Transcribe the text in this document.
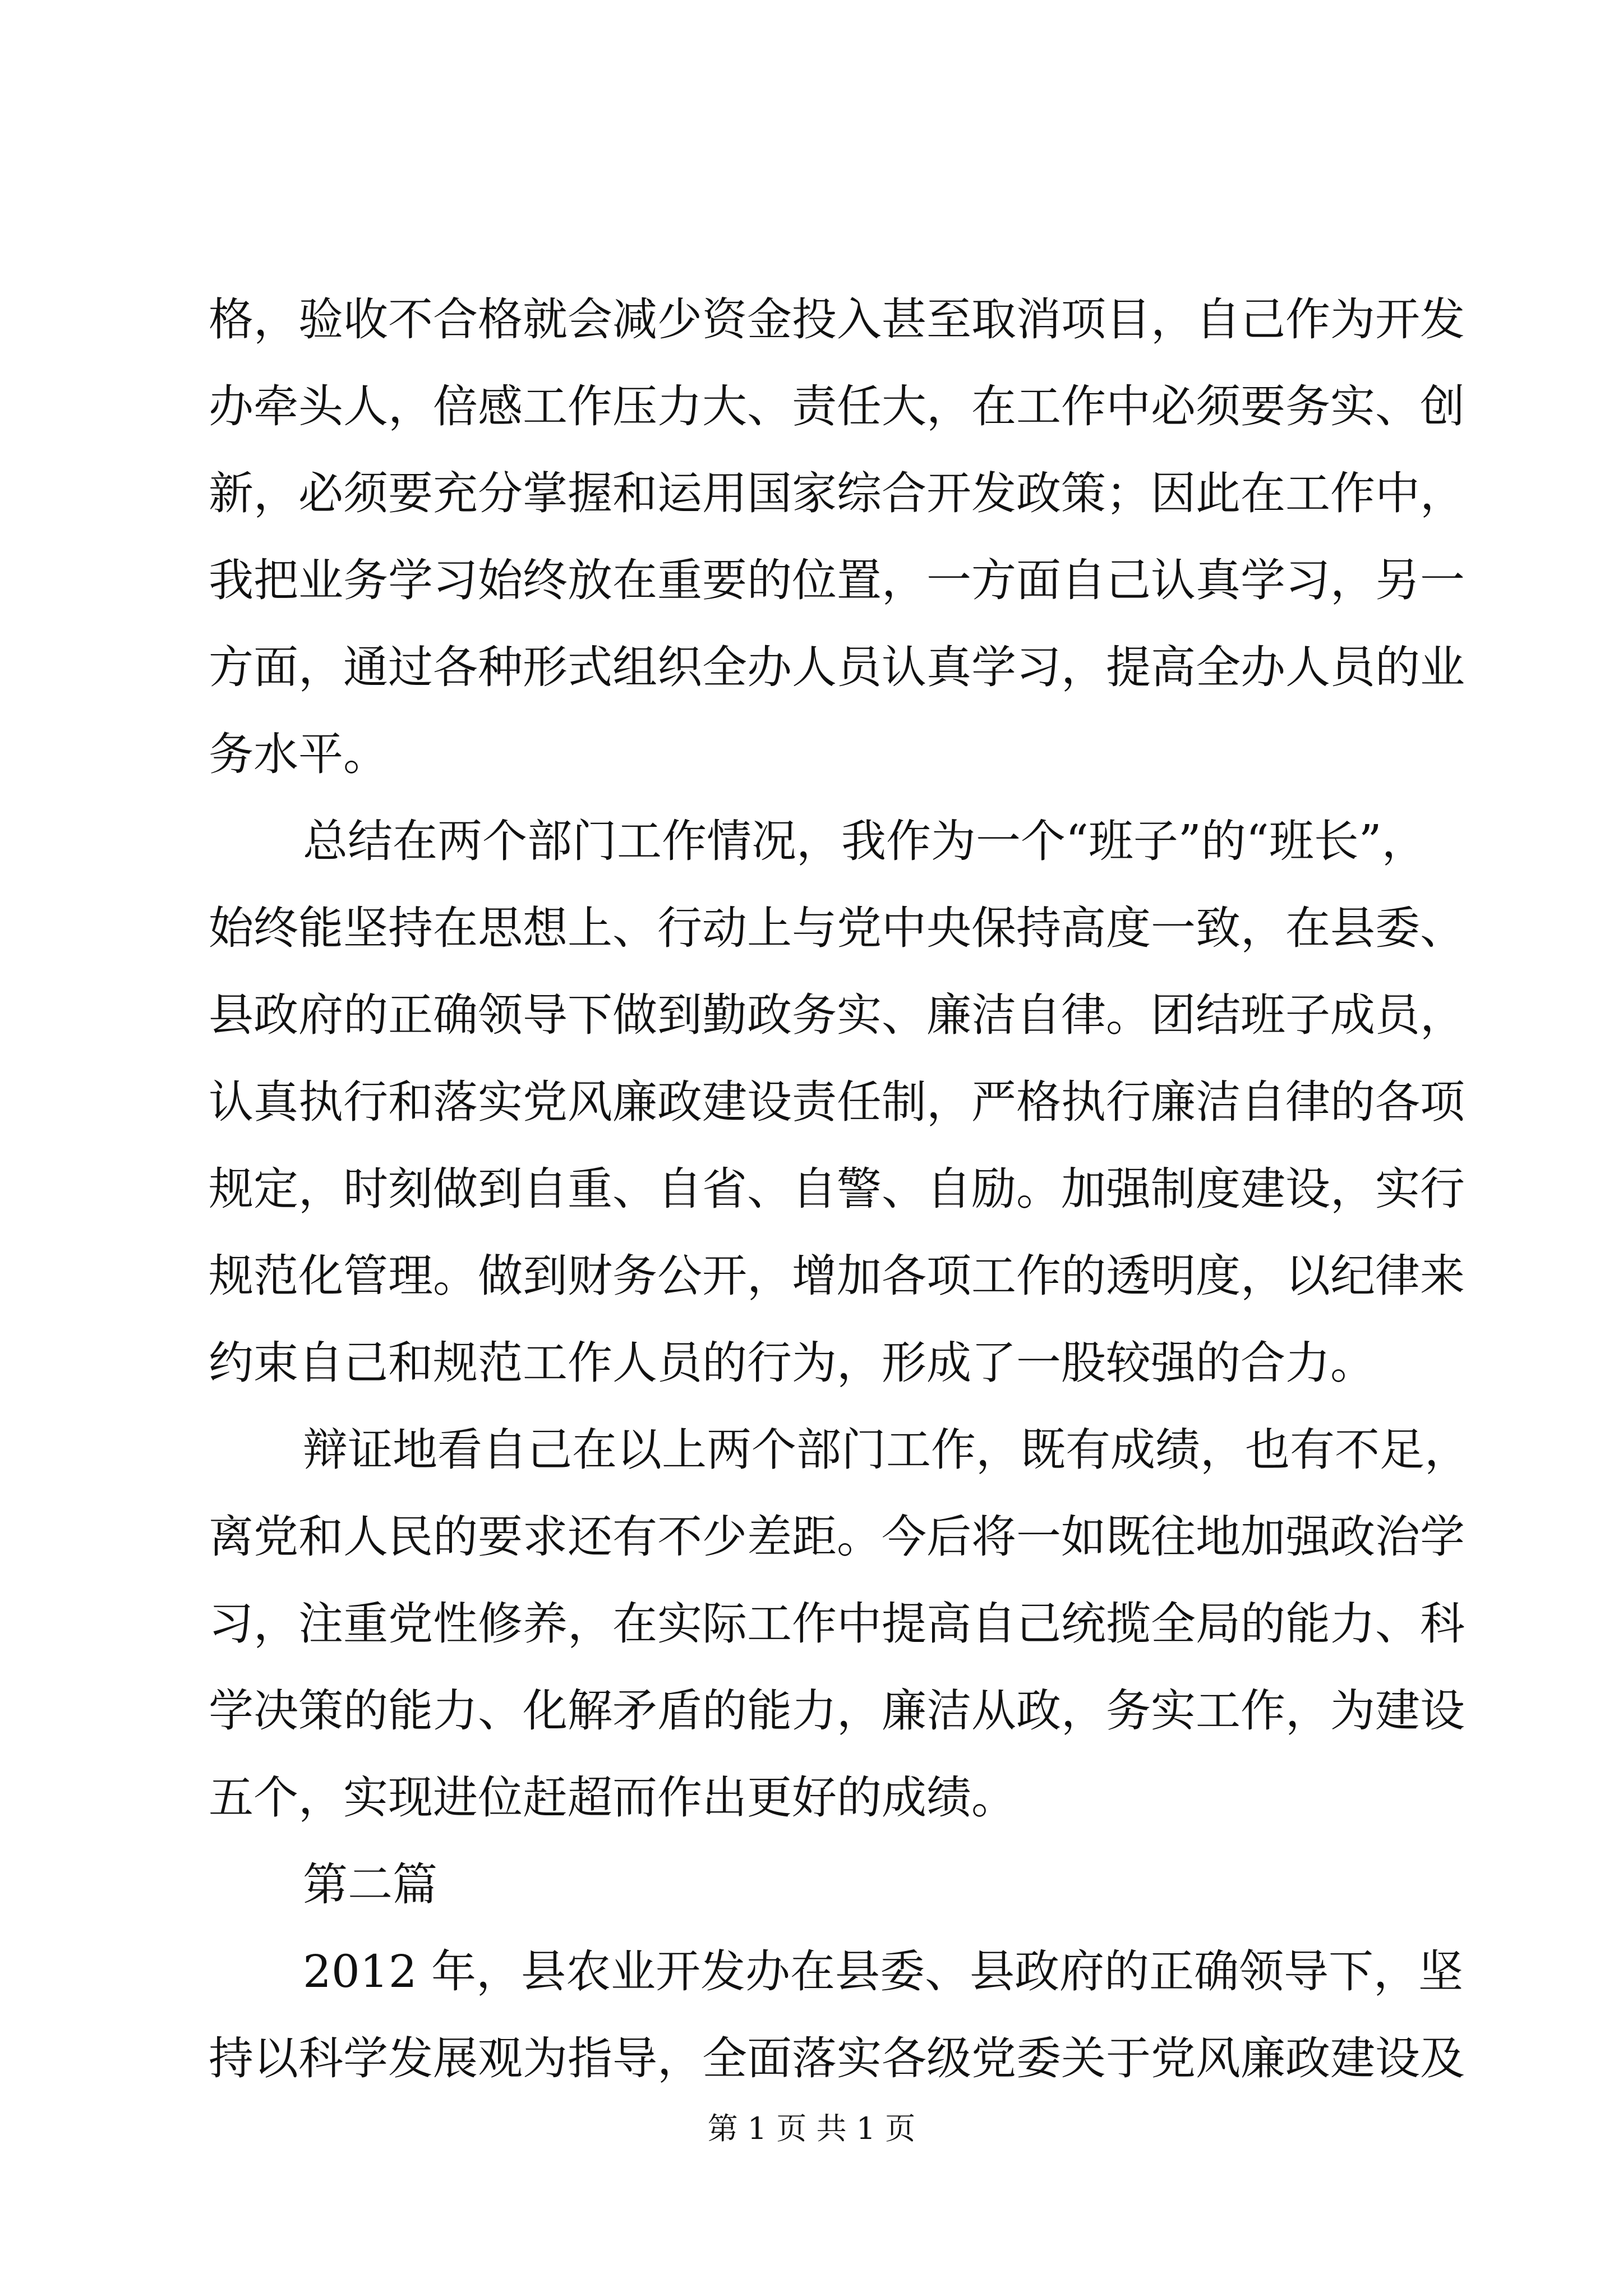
格，验收不合格就会减少资金投入甚至取消项目，自己作为开发
办牵头人，倍感工作压力大、责任大，在工作中必须要务实、创
新，必须要充分掌握和运用国家综合开发政策；因此在工作中，
我把业务学习始终放在重要的位置，一方面自己认真学习，另一
方面，通过各种形式组织全办人员认真学习，提高全办人员的业
务水平。
总结在两个部门工作情况，我作为一个“班子”的“班长”，
始终能坚持在思想上、行动上与党中央保持高度一致，在县委、
县政府的正确领导下做到勤政务实、廉洁自律。团结班子成员，
认真执行和落实党风廉政建设责任制，严格执行廉洁自律的各项
规定，时刻做到自重、自省、自警、自励。加强制度建设，实行
规范化管理。做到财务公开，增加各项工作的透明度，以纪律来
约束自己和规范工作人员的行为，形成了一股较强的合力。
辩证地看自己在以上两个部门工作，既有成绩，也有不足，
离党和人民的要求还有不少差距。今后将一如既往地加强政治学
习，注重党性修养，在实际工作中提高自己统揽全局的能力、科
学决策的能力、化解矛盾的能力，廉洁从政，务实工作，为建设
五个，实现进位赶超而作出更好的成绩。
第二篇
2012 年，县农业开发办在县委、县政府的正确领导下，坚
持以科学发展观为指导，全面落实各级党委关于党风廉政建设及
第 1 页 共 1 页
